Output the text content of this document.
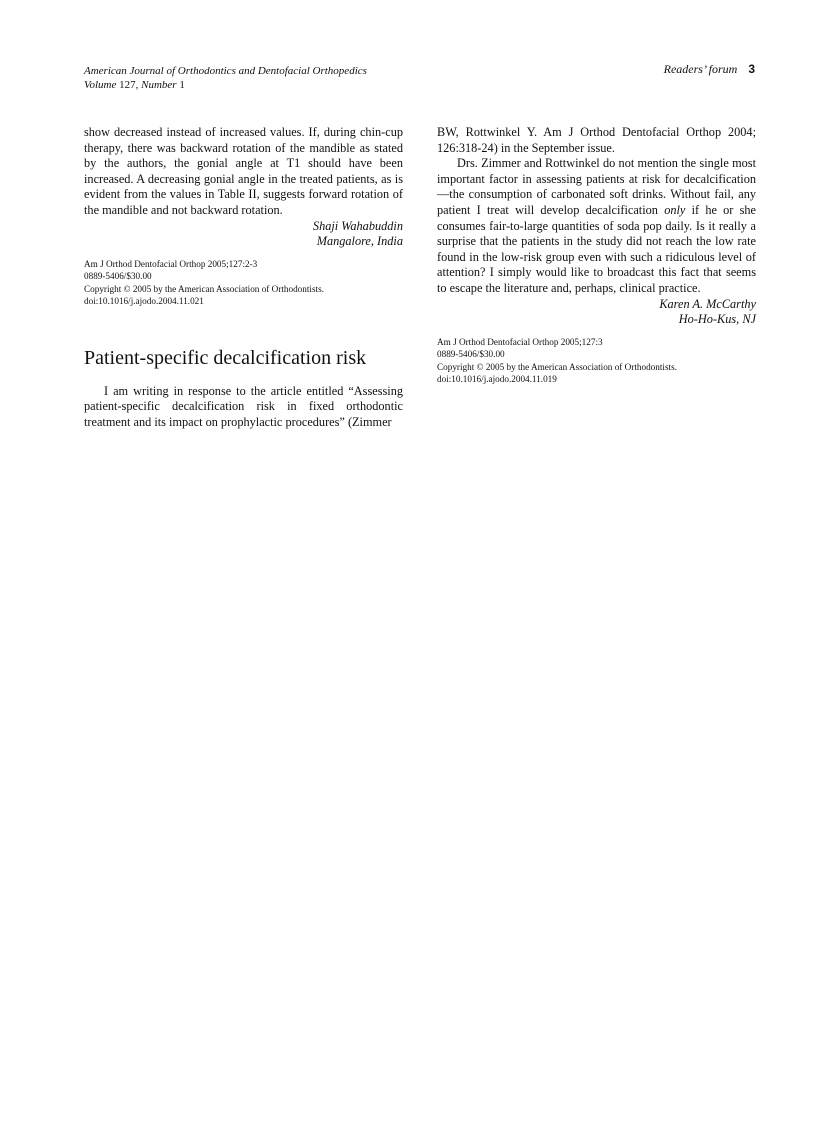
American Journal of Orthodontics and Dentofacial Orthopedics
Volume 127, Number 1
Readers’ forum 3

show decreased instead of increased values. If, during chin-cup therapy, there was backward rotation of the mandible as stated by the authors, the gonial angle at T1 should have been increased. A decreasing gonial angle in the treated patients, as is evident from the values in Table II, suggests forward rotation of the mandible and not backward rotation.

Shaji Wahabuddin
Mangalore, India
Am J Orthod Dentofacial Orthop 2005;127:2-3
0889-5406/$30.00
Copyright © 2005 by the American Association of Orthodontists.
doi:10.1016/j.ajodo.2004.11.021
Patient-specific decalcification risk

I am writing in response to the article entitled “Assessing patient-specific decalcification risk in fixed orthodontic treatment and its impact on prophylactic procedures” (Zimmer

BW, Rottwinkel Y. Am J Orthod Dentofacial Orthop 2004; 126:318-24) in the September issue.

Drs. Zimmer and Rottwinkel do not mention the single most important factor in assessing patients at risk for decalcification—the consumption of carbonated soft drinks. Without fail, any patient I treat will develop decalcification only if he or she consumes fair-to-large quantities of soda pop daily. Is it really a surprise that the patients in the study did not reach the low rate found in the low-risk group even with such a ridiculous level of attention? I simply would like to broadcast this fact that seems to escape the literature and, perhaps, clinical practice.

Karen A. McCarthy
Ho-Ho-Kus, NJ
Am J Orthod Dentofacial Orthop 2005;127:3
0889-5406/$30.00
Copyright © 2005 by the American Association of Orthodontists.
doi:10.1016/j.ajodo.2004.11.019
